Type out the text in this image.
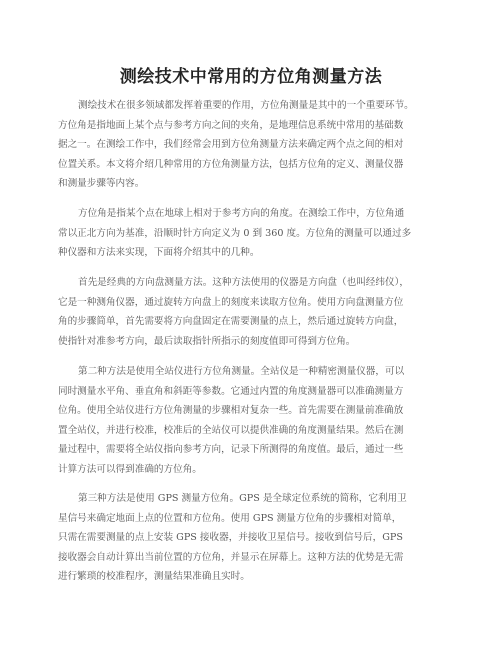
测绘技术中常用的方位角测量方法

测绘技术在很多领域都发挥着重要的作用，方位角测量是其中的一个重要环节。
方位角是指地面上某个点与参考方向之间的夹角，是地理信息系统中常用的基础数
据之一。在测绘工作中，我们经常会用到方位角测量方法来确定两个点之间的相对
位置关系。本文将介绍几种常用的方位角测量方法，包括方位角的定义、测量仪器
和测量步骤等内容。

方位角是指某个点在地球上相对于参考方向的角度。在测绘工作中，方位角通
常以正北方向为基准，沿顺时针方向定义为 0 到 360 度。方位角的测量可以通过多
种仪器和方法来实现，下面将介绍其中的几种。

首先是经典的方向盘测量方法。这种方法使用的仪器是方向盘（也叫经纬仪），
它是一种测角仪器，通过旋转方向盘上的刻度来读取方位角。使用方向盘测量方位
角的步骤简单，首先需要将方向盘固定在需要测量的点上，然后通过旋转方向盘，
使指针对准参考方向，最后读取指针所指示的刻度值即可得到方位角。

第二种方法是使用全站仪进行方位角测量。全站仪是一种精密测量仪器，可以
同时测量水平角、垂直角和斜距等参数。它通过内置的角度测量器可以准确测量方
位角。使用全站仪进行方位角测量的步骤相对复杂一些。首先需要在测量前准确放
置全站仪，并进行校准，校准后的全站仪可以提供准确的角度测量结果。然后在测
量过程中，需要将全站仪指向参考方向，记录下所测得的角度值。最后，通过一些
计算方法可以得到准确的方位角。

第三种方法是使用 GPS 测量方位角。GPS 是全球定位系统的简称，它利用卫
星信号来确定地面上点的位置和方位角。使用 GPS 测量方位角的步骤相对简单，
只需在需要测量的点上安装 GPS 接收器，并接收卫星信号。接收到信号后，GPS
接收器会自动计算出当前位置的方位角，并显示在屏幕上。这种方法的优势是无需
进行繁琐的校准程序，测量结果准确且实时。
